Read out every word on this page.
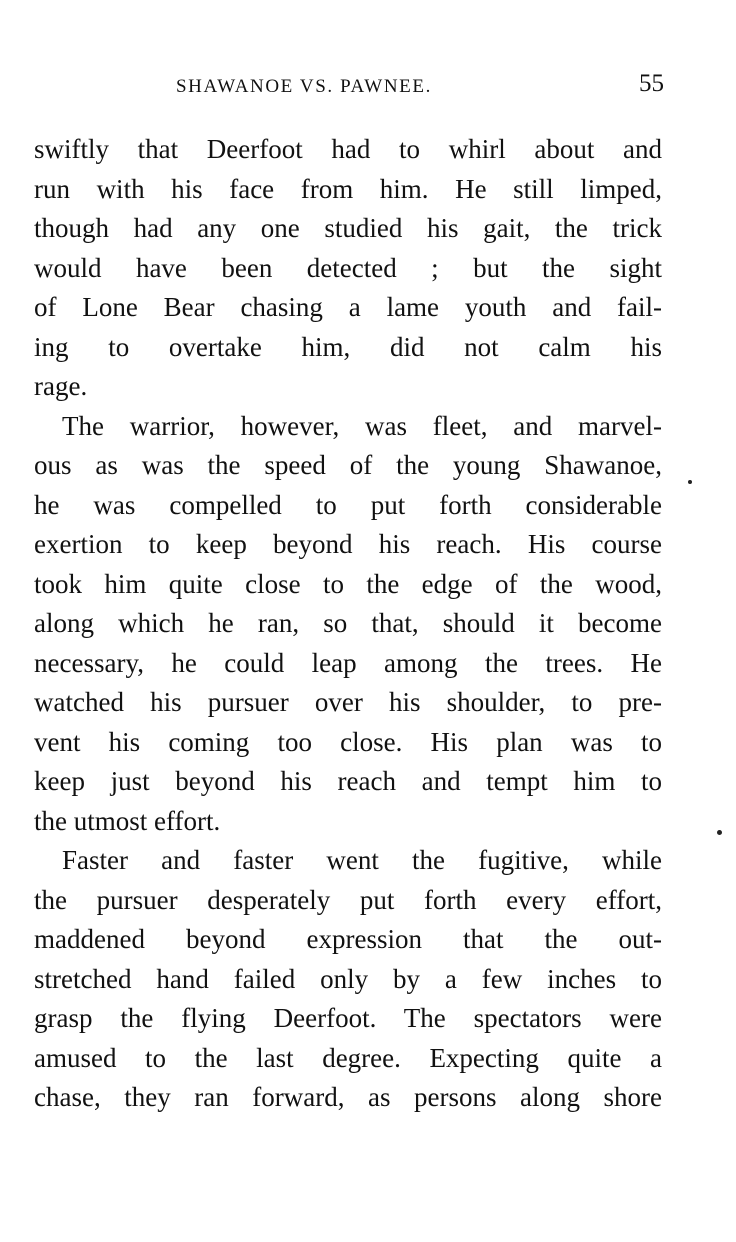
SHAWANOE VS. PAWNEE.	55
swiftly that Deerfoot had to whirl about and
run with his face from him. He still limped,
though had any one studied his gait, the trick
would have been detected ; but the sight
of Lone Bear chasing a lame youth and fail-
ing to overtake him, did not calm his
rage.
The warrior, however, was fleet, and marvel-
ous as was the speed of the young Shawanoe,
he was compelled to put forth considerable
exertion to keep beyond his reach. His course
took him quite close to the edge of the wood,
along which he ran, so that, should it become
necessary, he could leap among the trees. He
watched his pursuer over his shoulder, to pre-
vent his coming too close. His plan was to
keep just beyond his reach and tempt him to
the utmost effort.
Faster and faster went the fugitive, while
the pursuer desperately put forth every effort,
maddened beyond expression that the out-
stretched hand failed only by a few inches to
grasp the flying Deerfoot. The spectators were
amused to the last degree. Expecting quite a
chase, they ran forward, as persons along shore
